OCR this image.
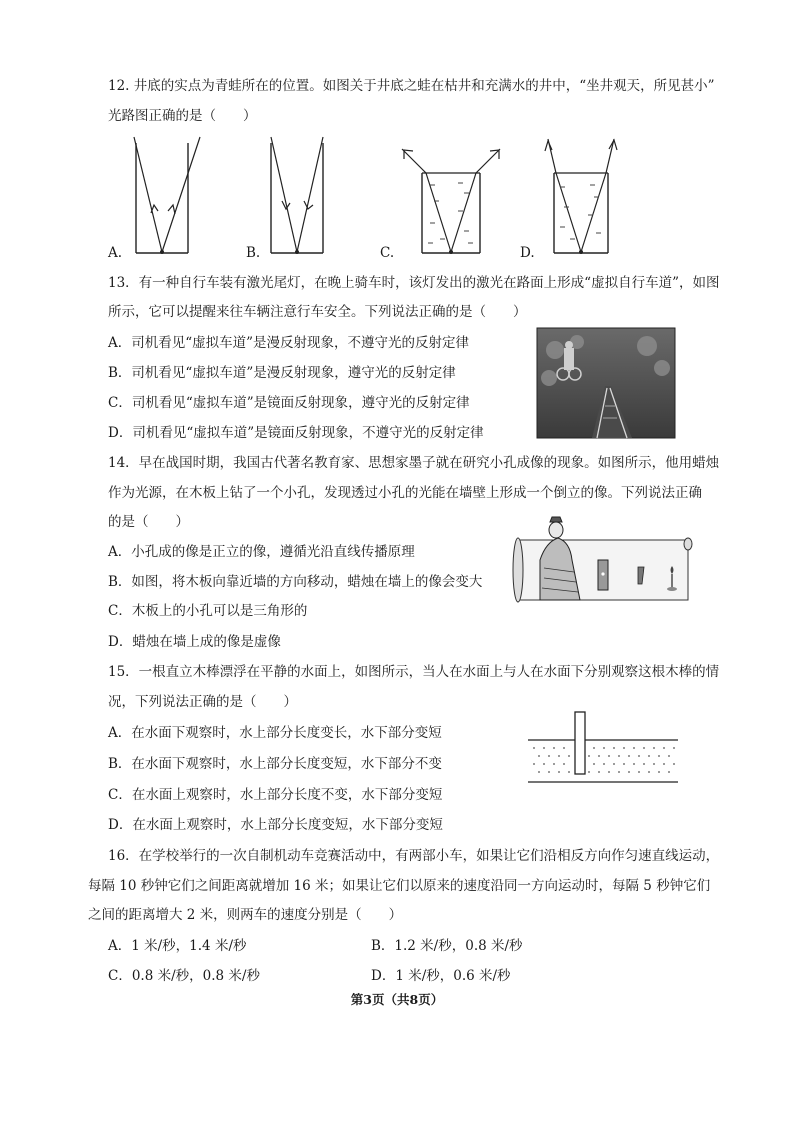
12. 井底的实点为青蛙所在的位置。如图关于井底之蛙在枯井和充满水的井中，“坐井观天，所见甚小”
光路图正确的是（　　）
A.	B.	C.	D.
13．有一种自行车装有激光尾灯，在晚上骑车时，该灯发出的激光在路面上形成“虚拟自行车道”，如图
所示，它可以提醒来往车辆注意行车安全。下列说法正确的是（　　）
A．司机看见“虚拟车道”是漫反射现象，不遵守光的反射定律
B．司机看见“虚拟车道”是漫反射现象，遵守光的反射定律
C．司机看见“虚拟车道”是镜面反射现象，遵守光的反射定律
D．司机看见“虚拟车道”是镜面反射现象，不遵守光的反射定律
14．早在战国时期，我国古代著名教育家、思想家墨子就在研究小孔成像的现象。如图所示，他用蜡烛
作为光源，在木板上钻了一个小孔，发现透过小孔的光能在墙壁上形成一个倒立的像。下列说法正确
的是（　　）
A．小孔成的像是正立的像，遵循光沿直线传播原理
B．如图，将木板向靠近墙的方向移动，蜡烛在墙上的像会变大
C．木板上的小孔可以是三角形的
D．蜡烛在墙上成的像是虚像
15．一根直立木棒漂浮在平静的水面上，如图所示，当人在水面上与人在水面下分别观察这根木棒的情
况，下列说法正确的是（　　）
A．在水面下观察时，水上部分长度变长，水下部分变短
B．在水面下观察时，水上部分长度变短，水下部分不变
C．在水面上观察时，水上部分长度不变，水下部分变短
D．在水面上观察时，水上部分长度变短，水下部分变短
16．在学校举行的一次自制机动车竞赛活动中，有两部小车，如果让它们沿相反方向作匀速直线运动，
每隔 10 秒钟它们之间距离就增加 16 米；如果让它们以原来的速度沿同一方向运动时，每隔 5 秒钟它们
之间的距离增大 2 米，则两车的速度分别是（　　）
A．1 米/秒，1.4 米/秒	B．1.2 米/秒，0.8 米/秒
C．0.8 米/秒，0.8 米/秒	D．1 米/秒，0.6 米/秒
第3页（共8页）
